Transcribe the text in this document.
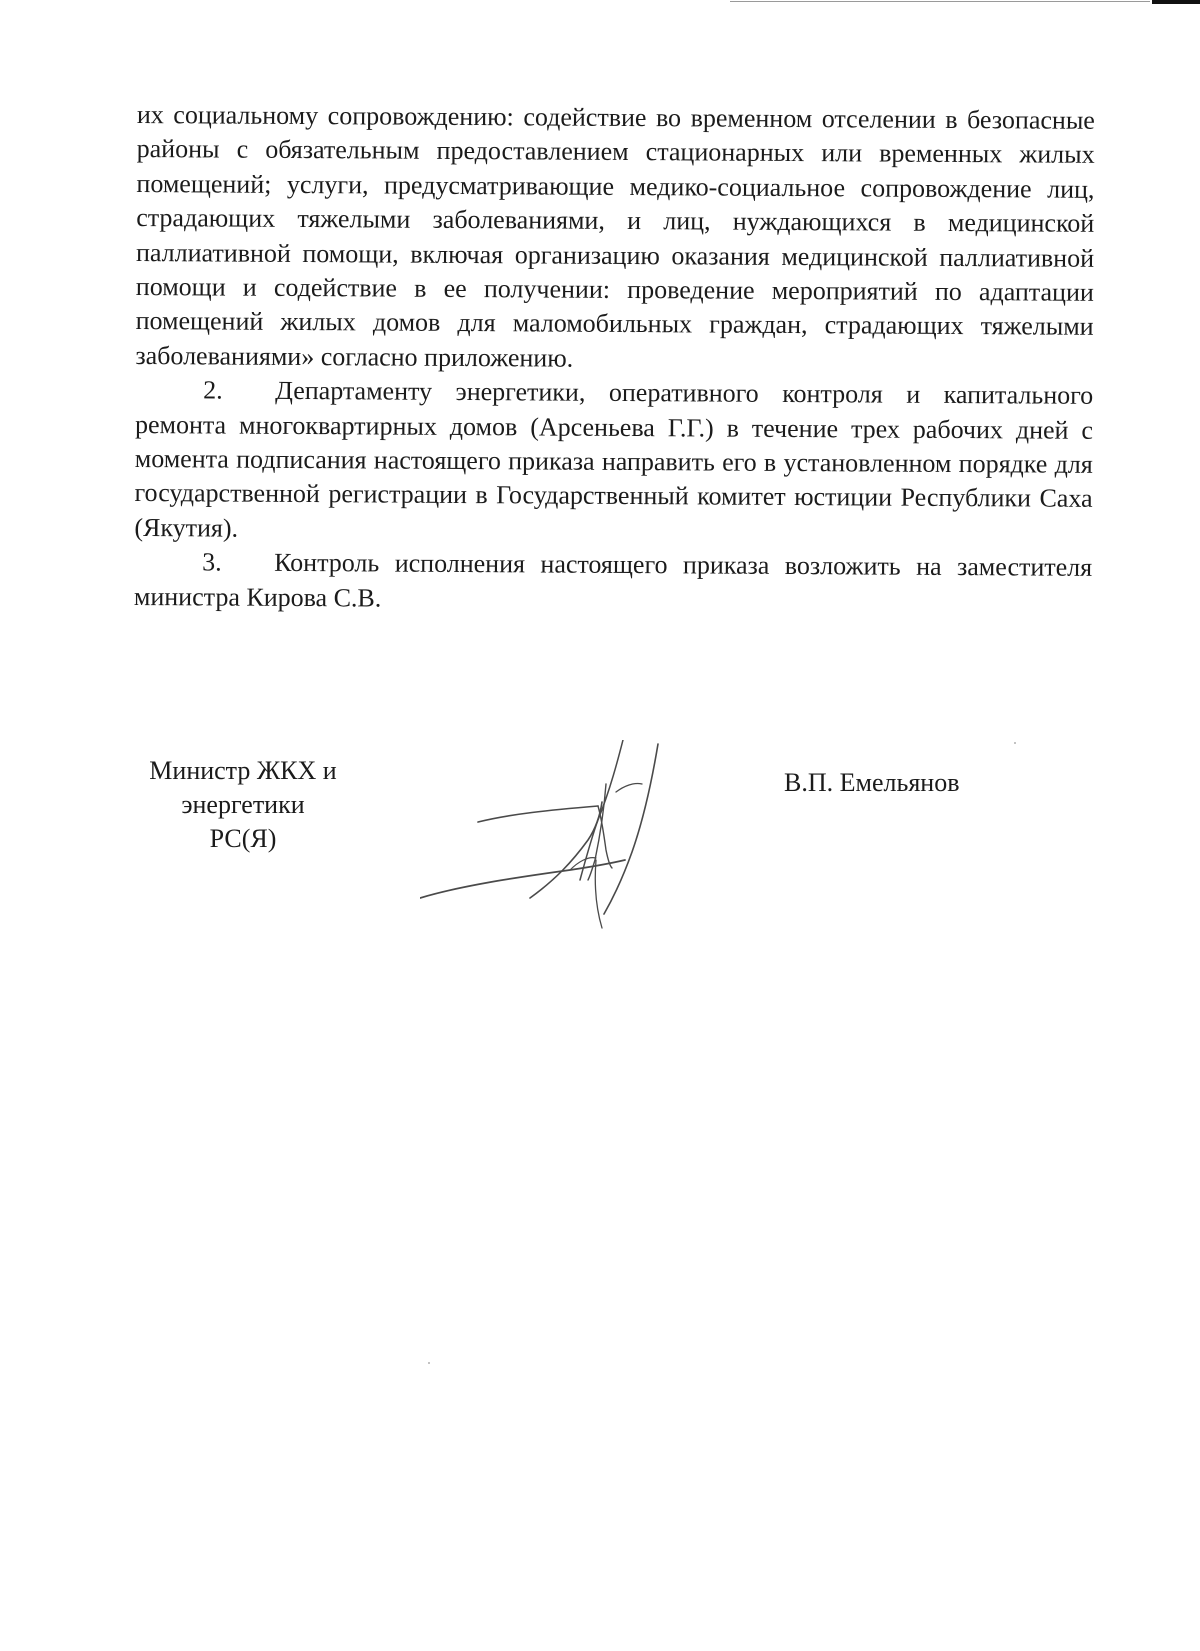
их социальному сопровождению: содействие во временном отселении в безопасные районы с обязательным предоставлением стационарных или временных жилых помещений; услуги, предусматривающие медико-социальное сопровождение лиц, страдающих тяжелыми заболеваниями, и лиц, нуждающихся в медицинской паллиативной помощи, включая организацию оказания медицинской паллиативной помощи и содействие в ее получении: проведение мероприятий по адаптации помещений жилых домов для маломобильных граждан, страдающих тяжелыми заболеваниями» согласно приложению.

2. Департаменту энергетики, оперативного контроля и капитального ремонта многоквартирных домов (Арсеньева Г.Г.) в течение трех рабочих дней с момента подписания настоящего приказа направить его в установленном порядке для государственной регистрации в Государственный комитет юстиции Республики Саха (Якутия).

3. Контроль исполнения настоящего приказа возложить на заместителя министра Кирова С.В.

Министр ЖКХ и
энергетики
РС(Я)
В.П. Емельянов
